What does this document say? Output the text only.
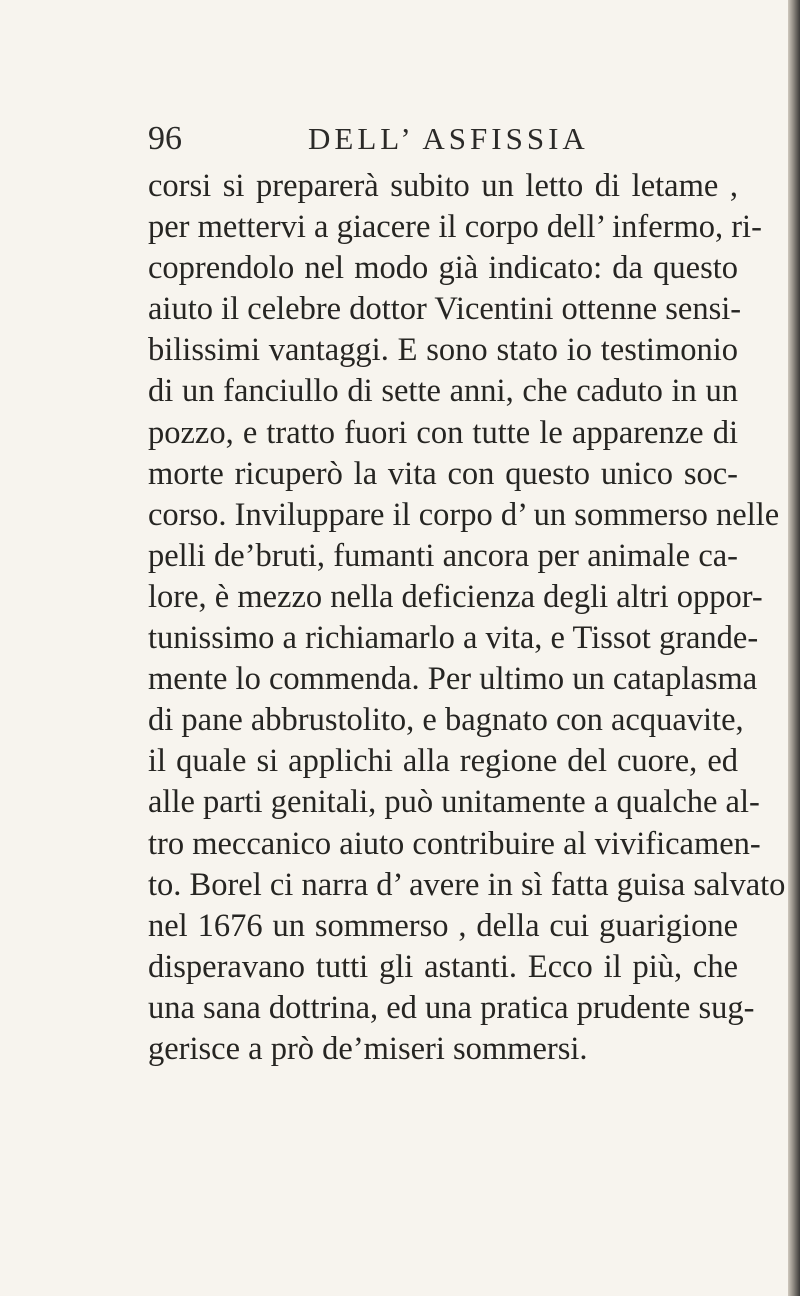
96	DELL’ ASFISSIA
corsi si preparerà subito un letto di letame ,
per mettervi a giacere il corpo dell’ infermo, ri-
coprendolo nel modo già indicato: da questo
aiuto il celebre dottor Vicentini ottenne sensi-
bilissimi vantaggi. E sono stato io testimonio
di un fanciullo di sette anni, che caduto in un
pozzo, e tratto fuori con tutte le apparenze di
morte ricuperò la vita con questo unico soc-
corso. Inviluppare il corpo d’ un sommerso nelle
pelli de’bruti, fumanti ancora per animale ca-
lore, è mezzo nella deficienza degli altri oppor-
tunissimo a richiamarlo a vita, e Tissot grande-
mente lo commenda. Per ultimo un cataplasma
di pane abbrustolito, e bagnato con acquavite,
il quale si applichi alla regione del cuore, ed
alle parti genitali, può unitamente a qualche al-
tro meccanico aiuto contribuire al vivificamen-
to. Borel ci narra d’ avere in sì fatta guisa salvato
nel 1676 un sommerso , della cui guarigione
disperavano tutti gli astanti. Ecco il più, che
una sana dottrina, ed una pratica prudente sug-
gerisce a prò de’miseri sommersi.
